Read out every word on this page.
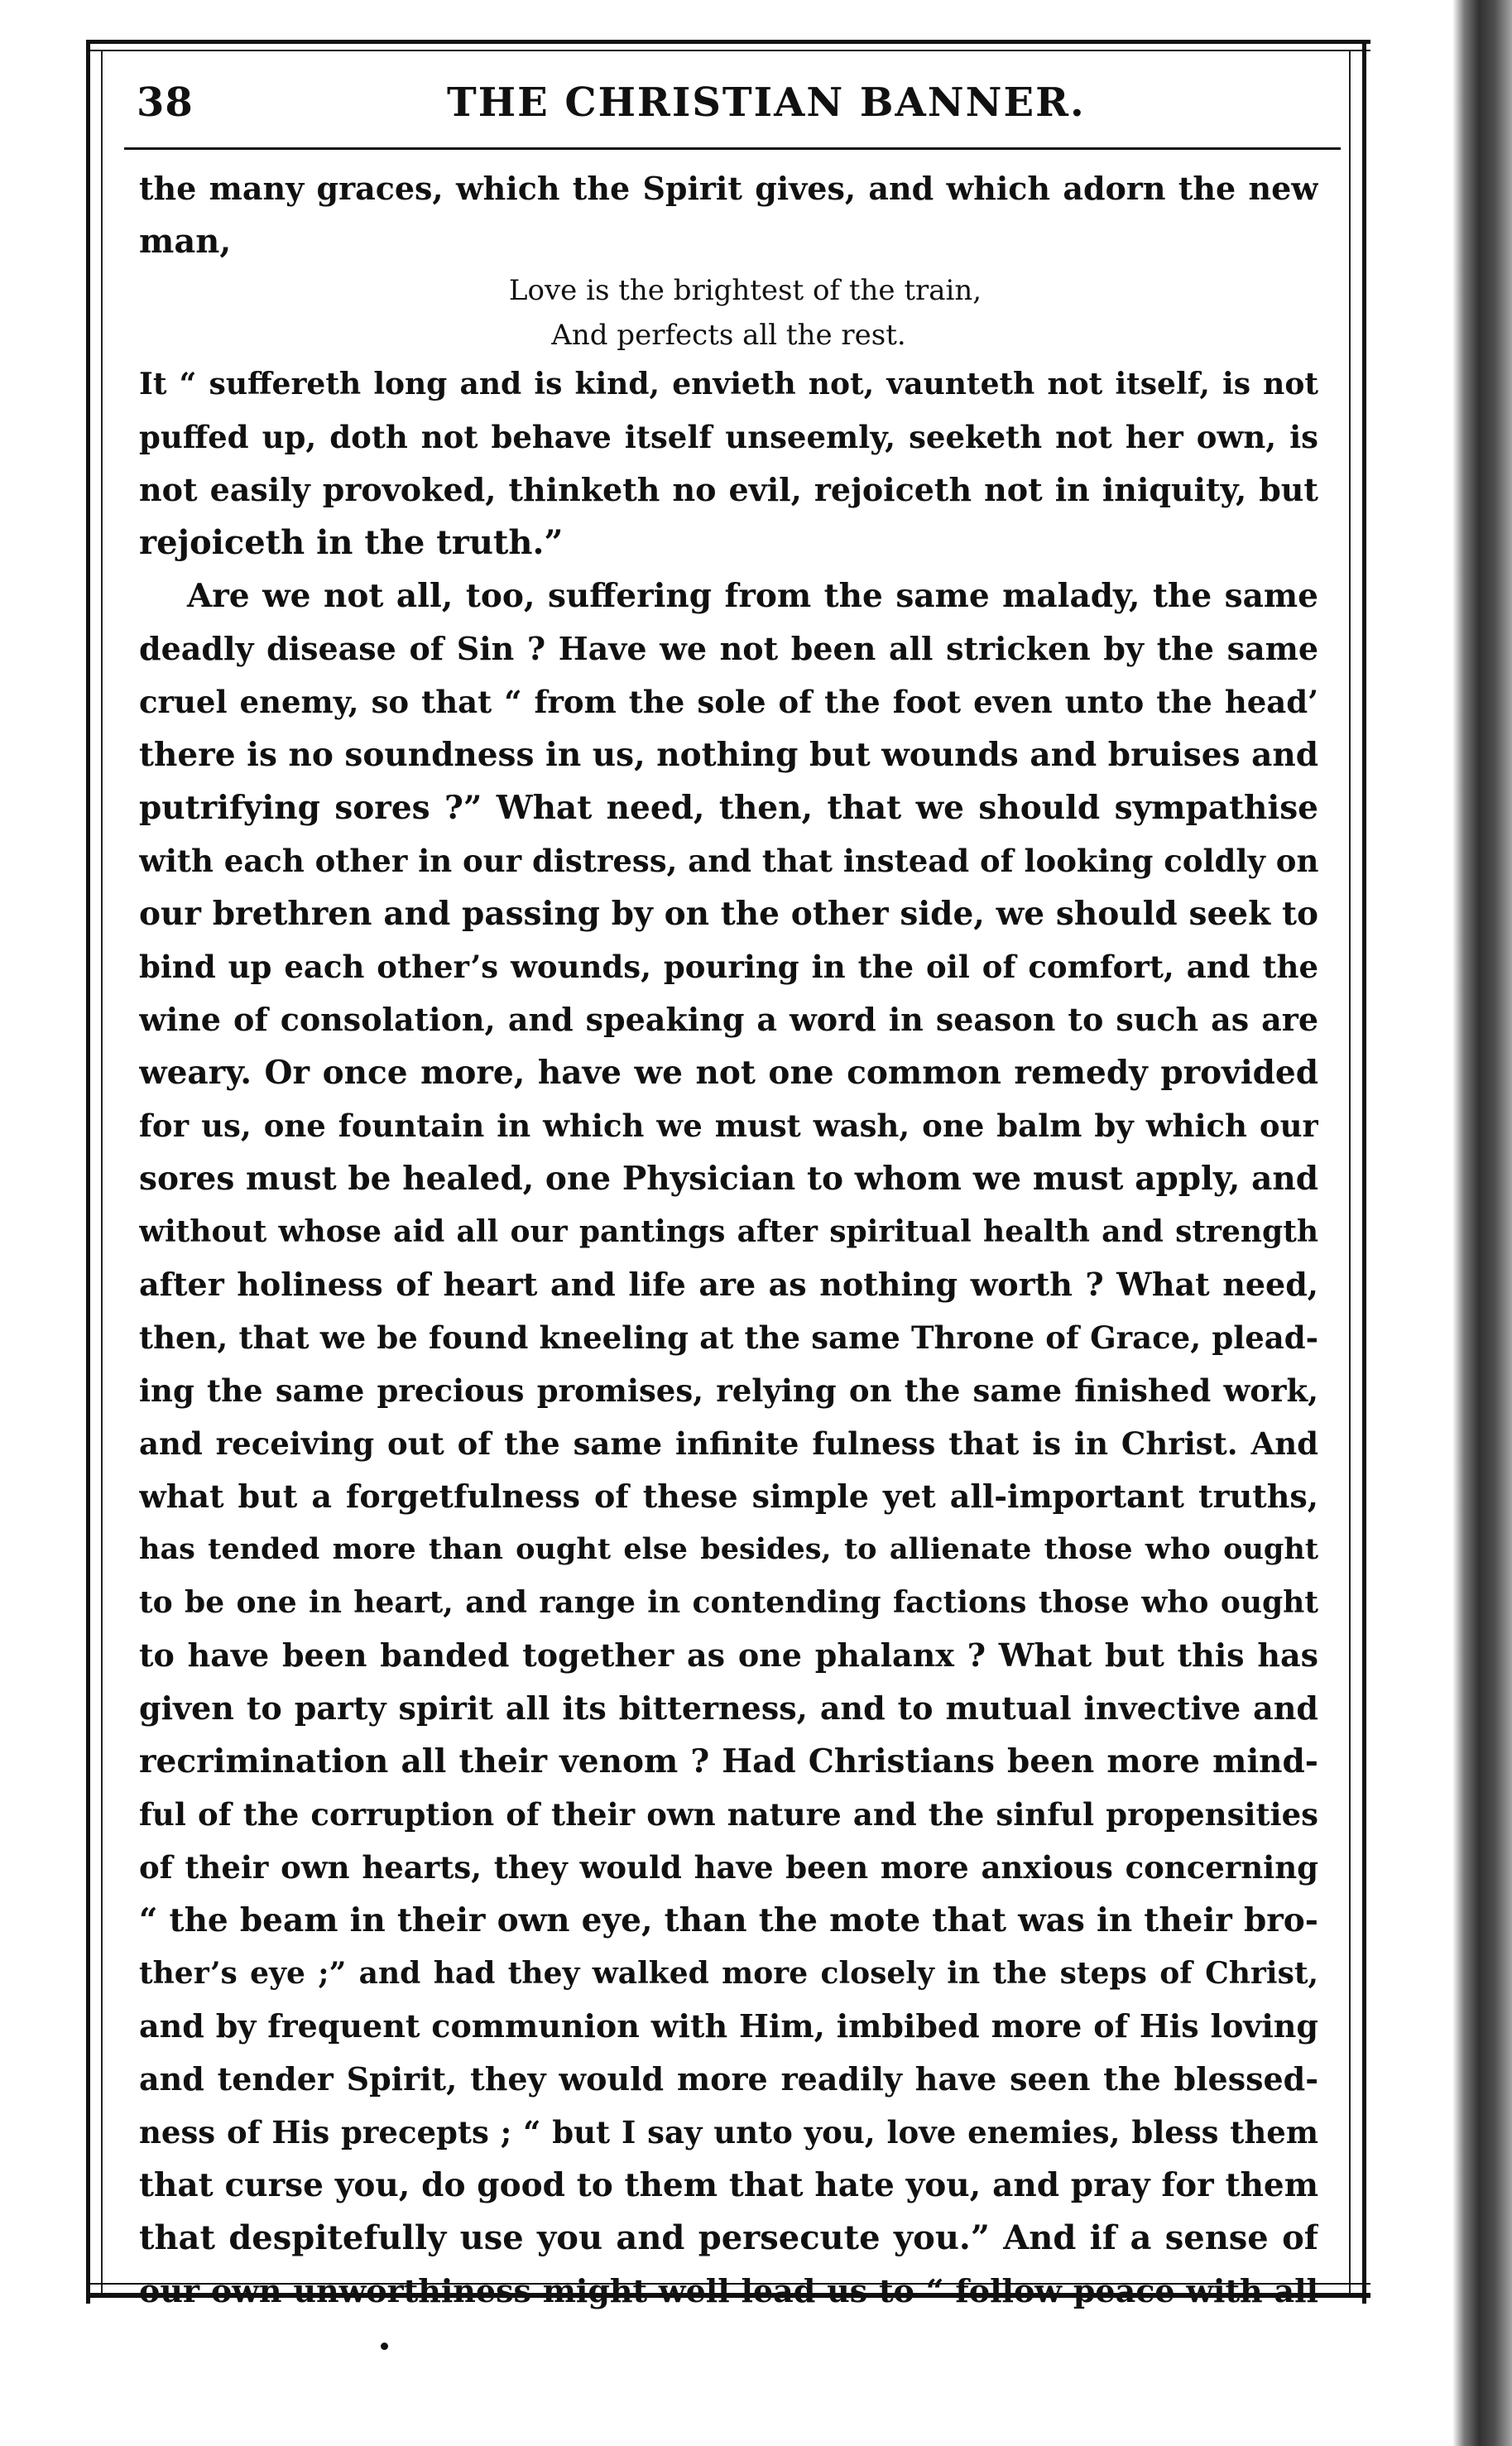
38	THE CHRISTIAN BANNER.
the many graces, which the Spirit gives, and which adorn the new
man,
Love is the brightest of the train,
And perfects all the rest.
It “ suffereth long and is kind, envieth not, vaunteth not itself, is not
puffed up, doth not behave itself unseemly, seeketh not her own, is
not easily provoked, thinketh no evil, rejoiceth not in iniquity, but
rejoiceth in the truth.”
Are we not all, too, suffering from the same malady, the same
deadly disease of Sin ? Have we not been all stricken by the same
cruel enemy, so that “ from the sole of the foot even unto the head’
there is no soundness in us, nothing but wounds and bruises and
putrifying sores ?” What need, then, that we should sympathise
with each other in our distress, and that instead of looking coldly on
our brethren and passing by on the other side, we should seek to
bind up each other’s wounds, pouring in the oil of comfort, and the
wine of consolation, and speaking a word in season to such as are
weary. Or once more, have we not one common remedy provided
for us, one fountain in which we must wash, one balm by which our
sores must be healed, one Physician to whom we must apply, and
without whose aid all our pantings after spiritual health and strength
after holiness of heart and life are as nothing worth ? What need,
then, that we be found kneeling at the same Throne of Grace, plead-
ing the same precious promises, relying on the same finished work,
and receiving out of the same infinite fulness that is in Christ. And
what but a forgetfulness of these simple yet all-important truths,
has tended more than ought else besides, to allienate those who ought
to be one in heart, and range in contending factions those who ought
to have been banded together as one phalanx ? What but this has
given to party spirit all its bitterness, and to mutual invective and
recrimination all their venom ? Had Christians been more mind-
ful of the corruption of their own nature and the sinful propensities
of their own hearts, they would have been more anxious concerning
“ the beam in their own eye, than the mote that was in their bro-
ther’s eye ;” and had they walked more closely in the steps of Christ,
and by frequent communion with Him, imbibed more of His loving
and tender Spirit, they would more readily have seen the blessed-
ness of His precepts ; “ but I say unto you, love enemies, bless them
that curse you, do good to them that hate you, and pray for them
that despitefully use you and persecute you.” And if a sense of
our own unworthiness might well lead us to “ follow peace with all
